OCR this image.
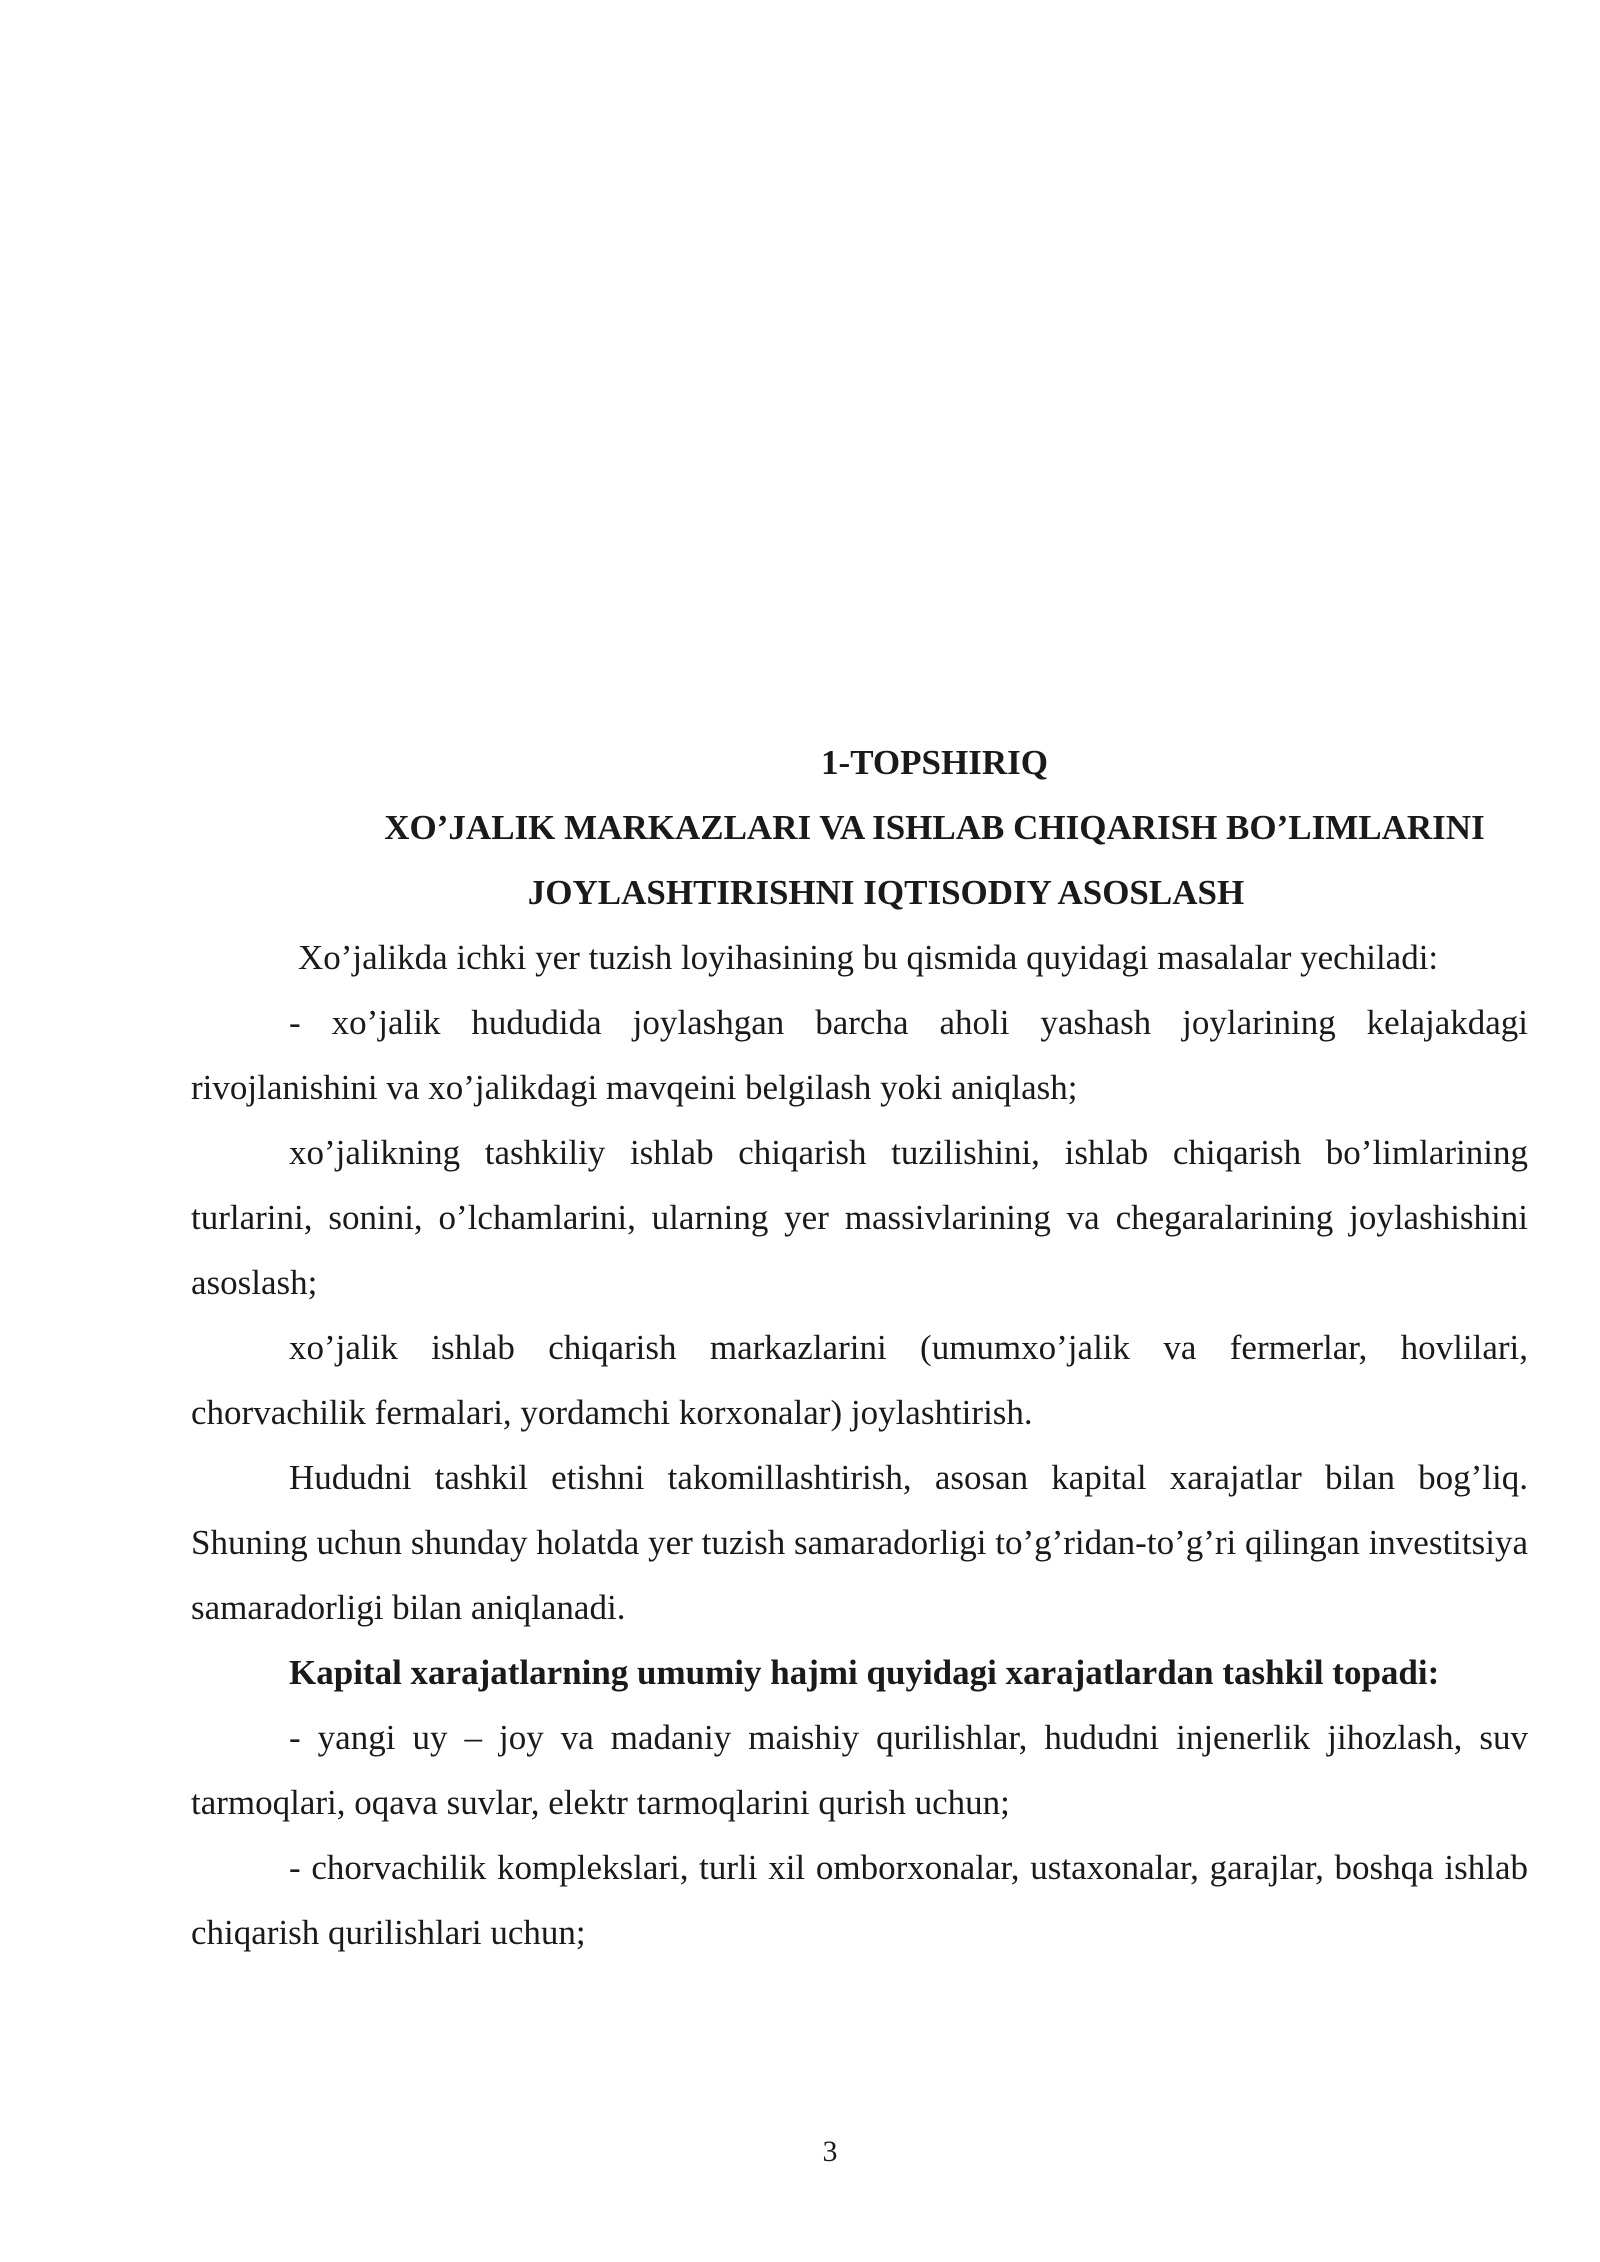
1-TOPSHIRIQ
XO’JALIK MARKAZLARI VA ISHLAB CHIQARISH BO’LIMLARINI
JOYLASHTIRISHNI IQTISODIY ASOSLASH

Xo’jalikda ichki yer tuzish loyihasining bu qismida quyidagi masalalar yechiladi:

- xo’jalik hududida joylashgan barcha aholi yashash joylarining kelajakdagi rivojlanishini va xo’jalikdagi mavqeini belgilash yoki aniqlash;

xo’jalikning tashkiliy ishlab chiqarish tuzilishini, ishlab chiqarish bo’limlarining turlarini, sonini, o’lchamlarini, ularning yer massivlarining va chegaralarining joylashishini asoslash;

xo’jalik ishlab chiqarish markazlarini (umumxo’jalik va fermerlar, hovlilari, chorvachilik fermalari, yordamchi korxonalar) joylashtirish.

Hududni tashkil etishni takomillashtirish, asosan kapital xarajatlar bilan bog’liq. Shuning uchun shunday holatda yer tuzish samaradorligi to’g’ridan-to’g’ri qilingan investitsiya samaradorligi bilan aniqlanadi.

Kapital xarajatlarning umumiy hajmi quyidagi xarajatlardan tashkil topadi:

- yangi uy – joy va madaniy maishiy qurilishlar, hududni injenerlik jihozlash, suv tarmoqlari, oqava suvlar, elektr tarmoqlarini qurish uchun;

- chorvachilik komplekslari, turli xil omborxonalar, ustaxonalar, garajlar, boshqa ishlab chiqarish qurilishlari uchun;

3
